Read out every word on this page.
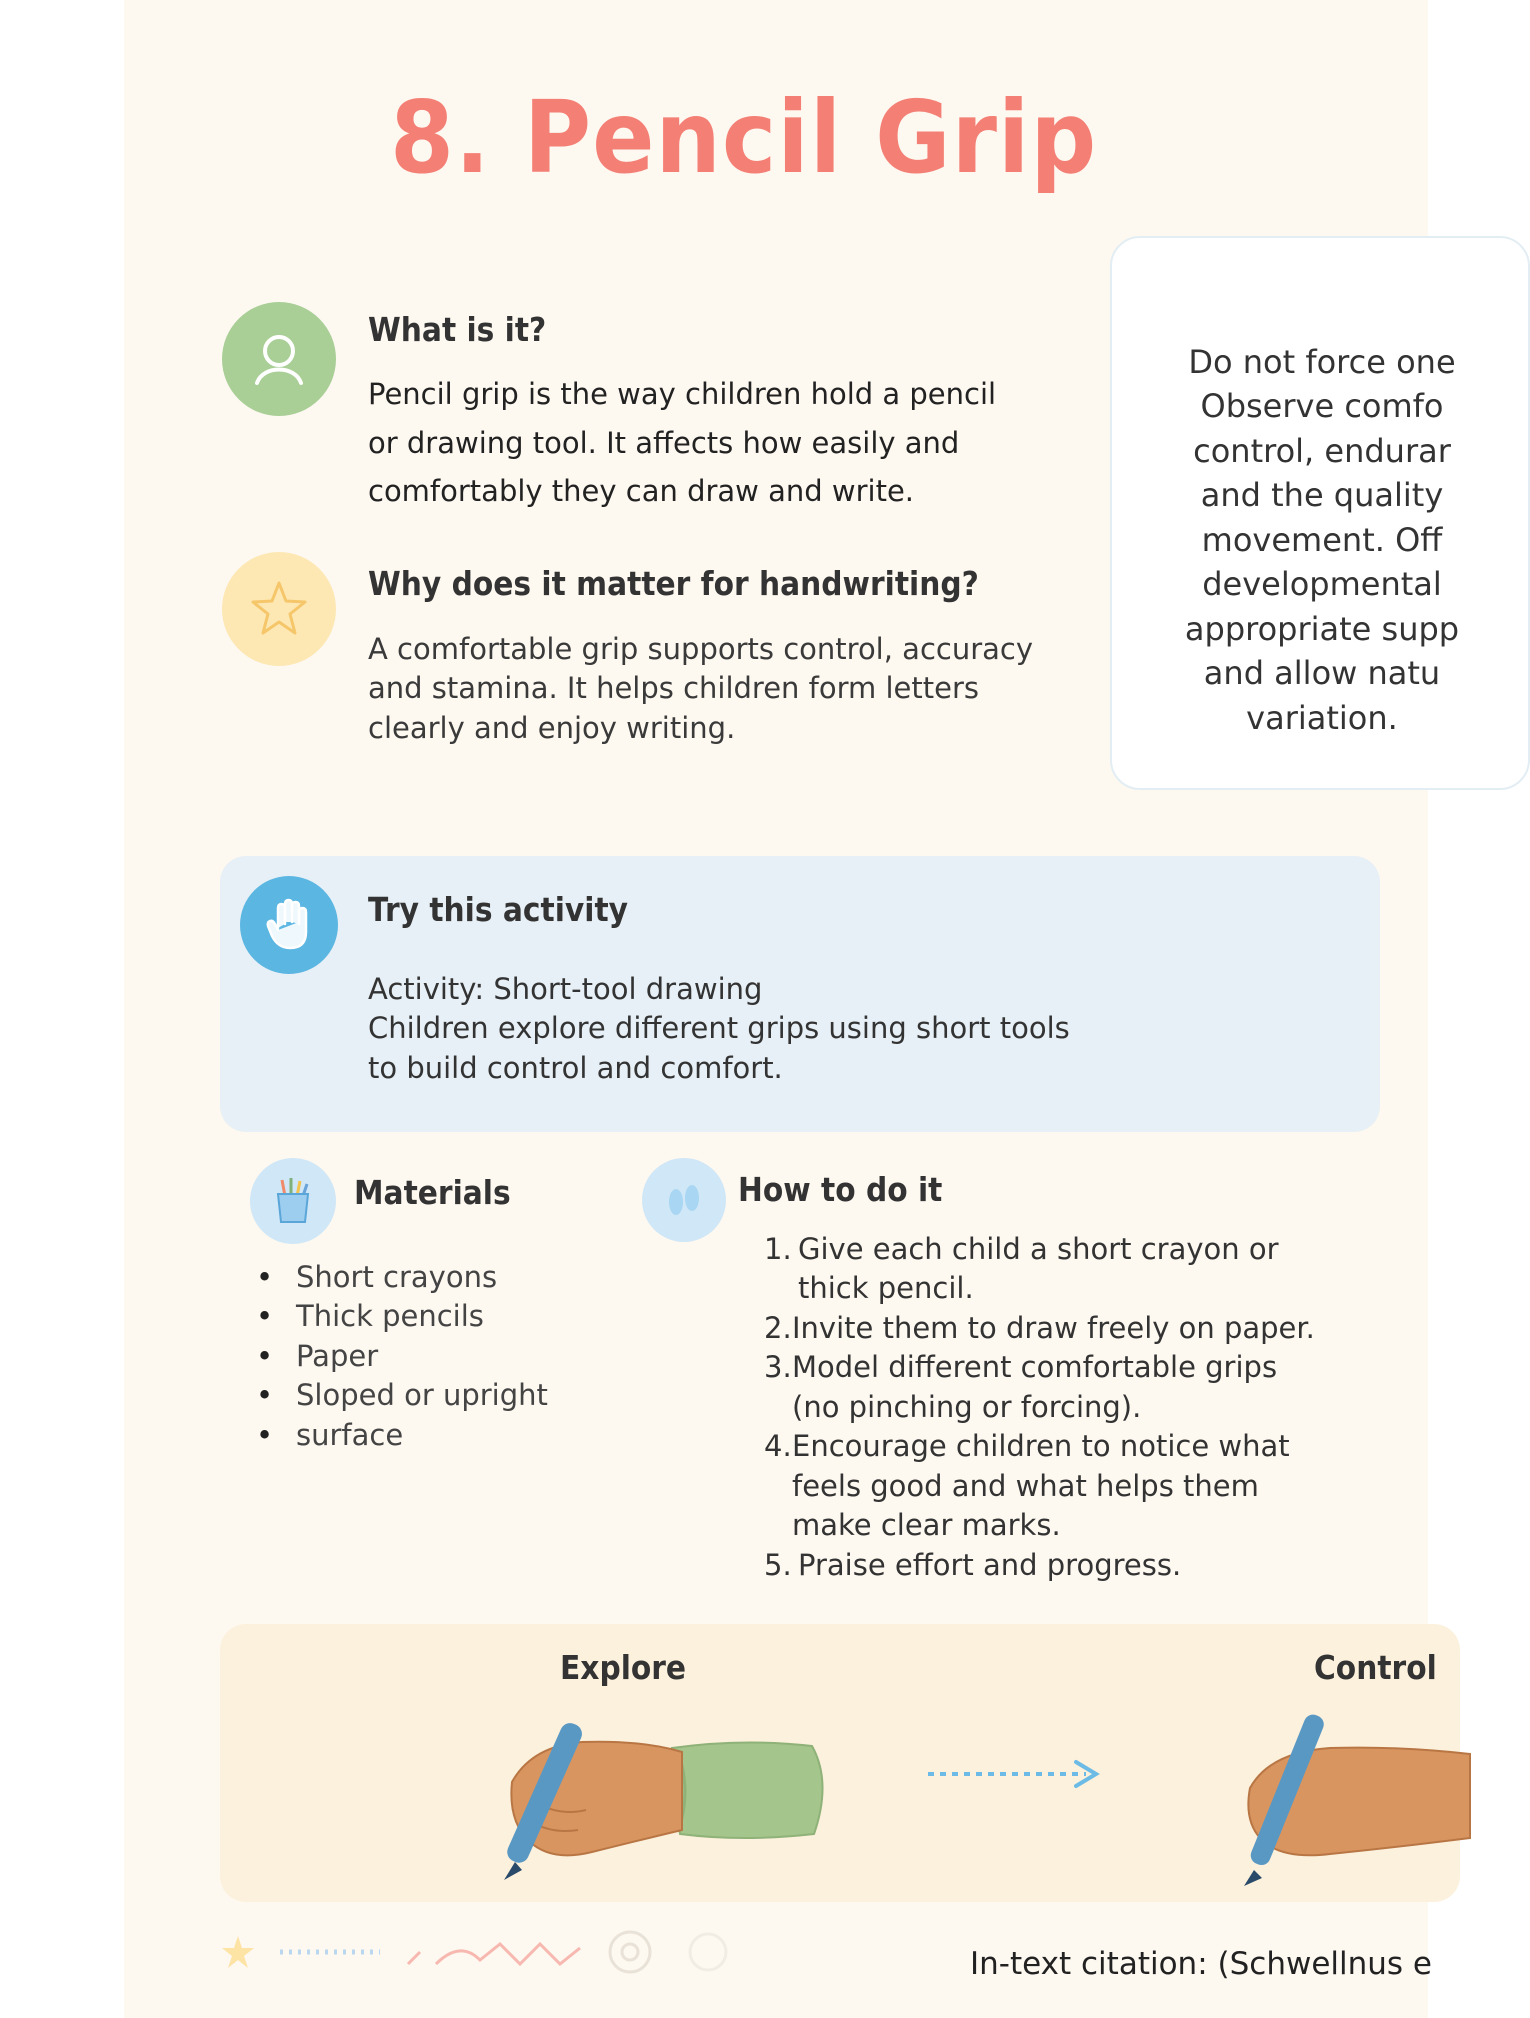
8. Pencil Grip
What is it?
Pencil grip is the way children hold a pencil
or drawing tool. It affects how easily and
comfortably they can draw and write.
Why does it matter for handwriting?
A comfortable grip supports control, accuracy
and stamina. It helps children form letters
clearly and enjoy writing.
Do not force one
Observe comfo
control, endurar
and the quality
movement. Off
developmental
appropriate supp
and allow natu
variation.
Try this activity
Activity: Short-tool drawing
Children explore different grips using short tools
to build control and comfort.
Materials
• Short crayons
• Thick pencils
• Paper
• Sloped or upright
• surface
How to do it
1. Give each child a short crayon or
thick pencil.
2. Invite them to draw freely on paper.
3. Model different comfortable grips
(no pinching or forcing).
4. Encourage children to notice what
feels good and what helps them
make clear marks.
5. Praise effort and progress.
Explore	Control

In-text citation: (Schwellnus e
